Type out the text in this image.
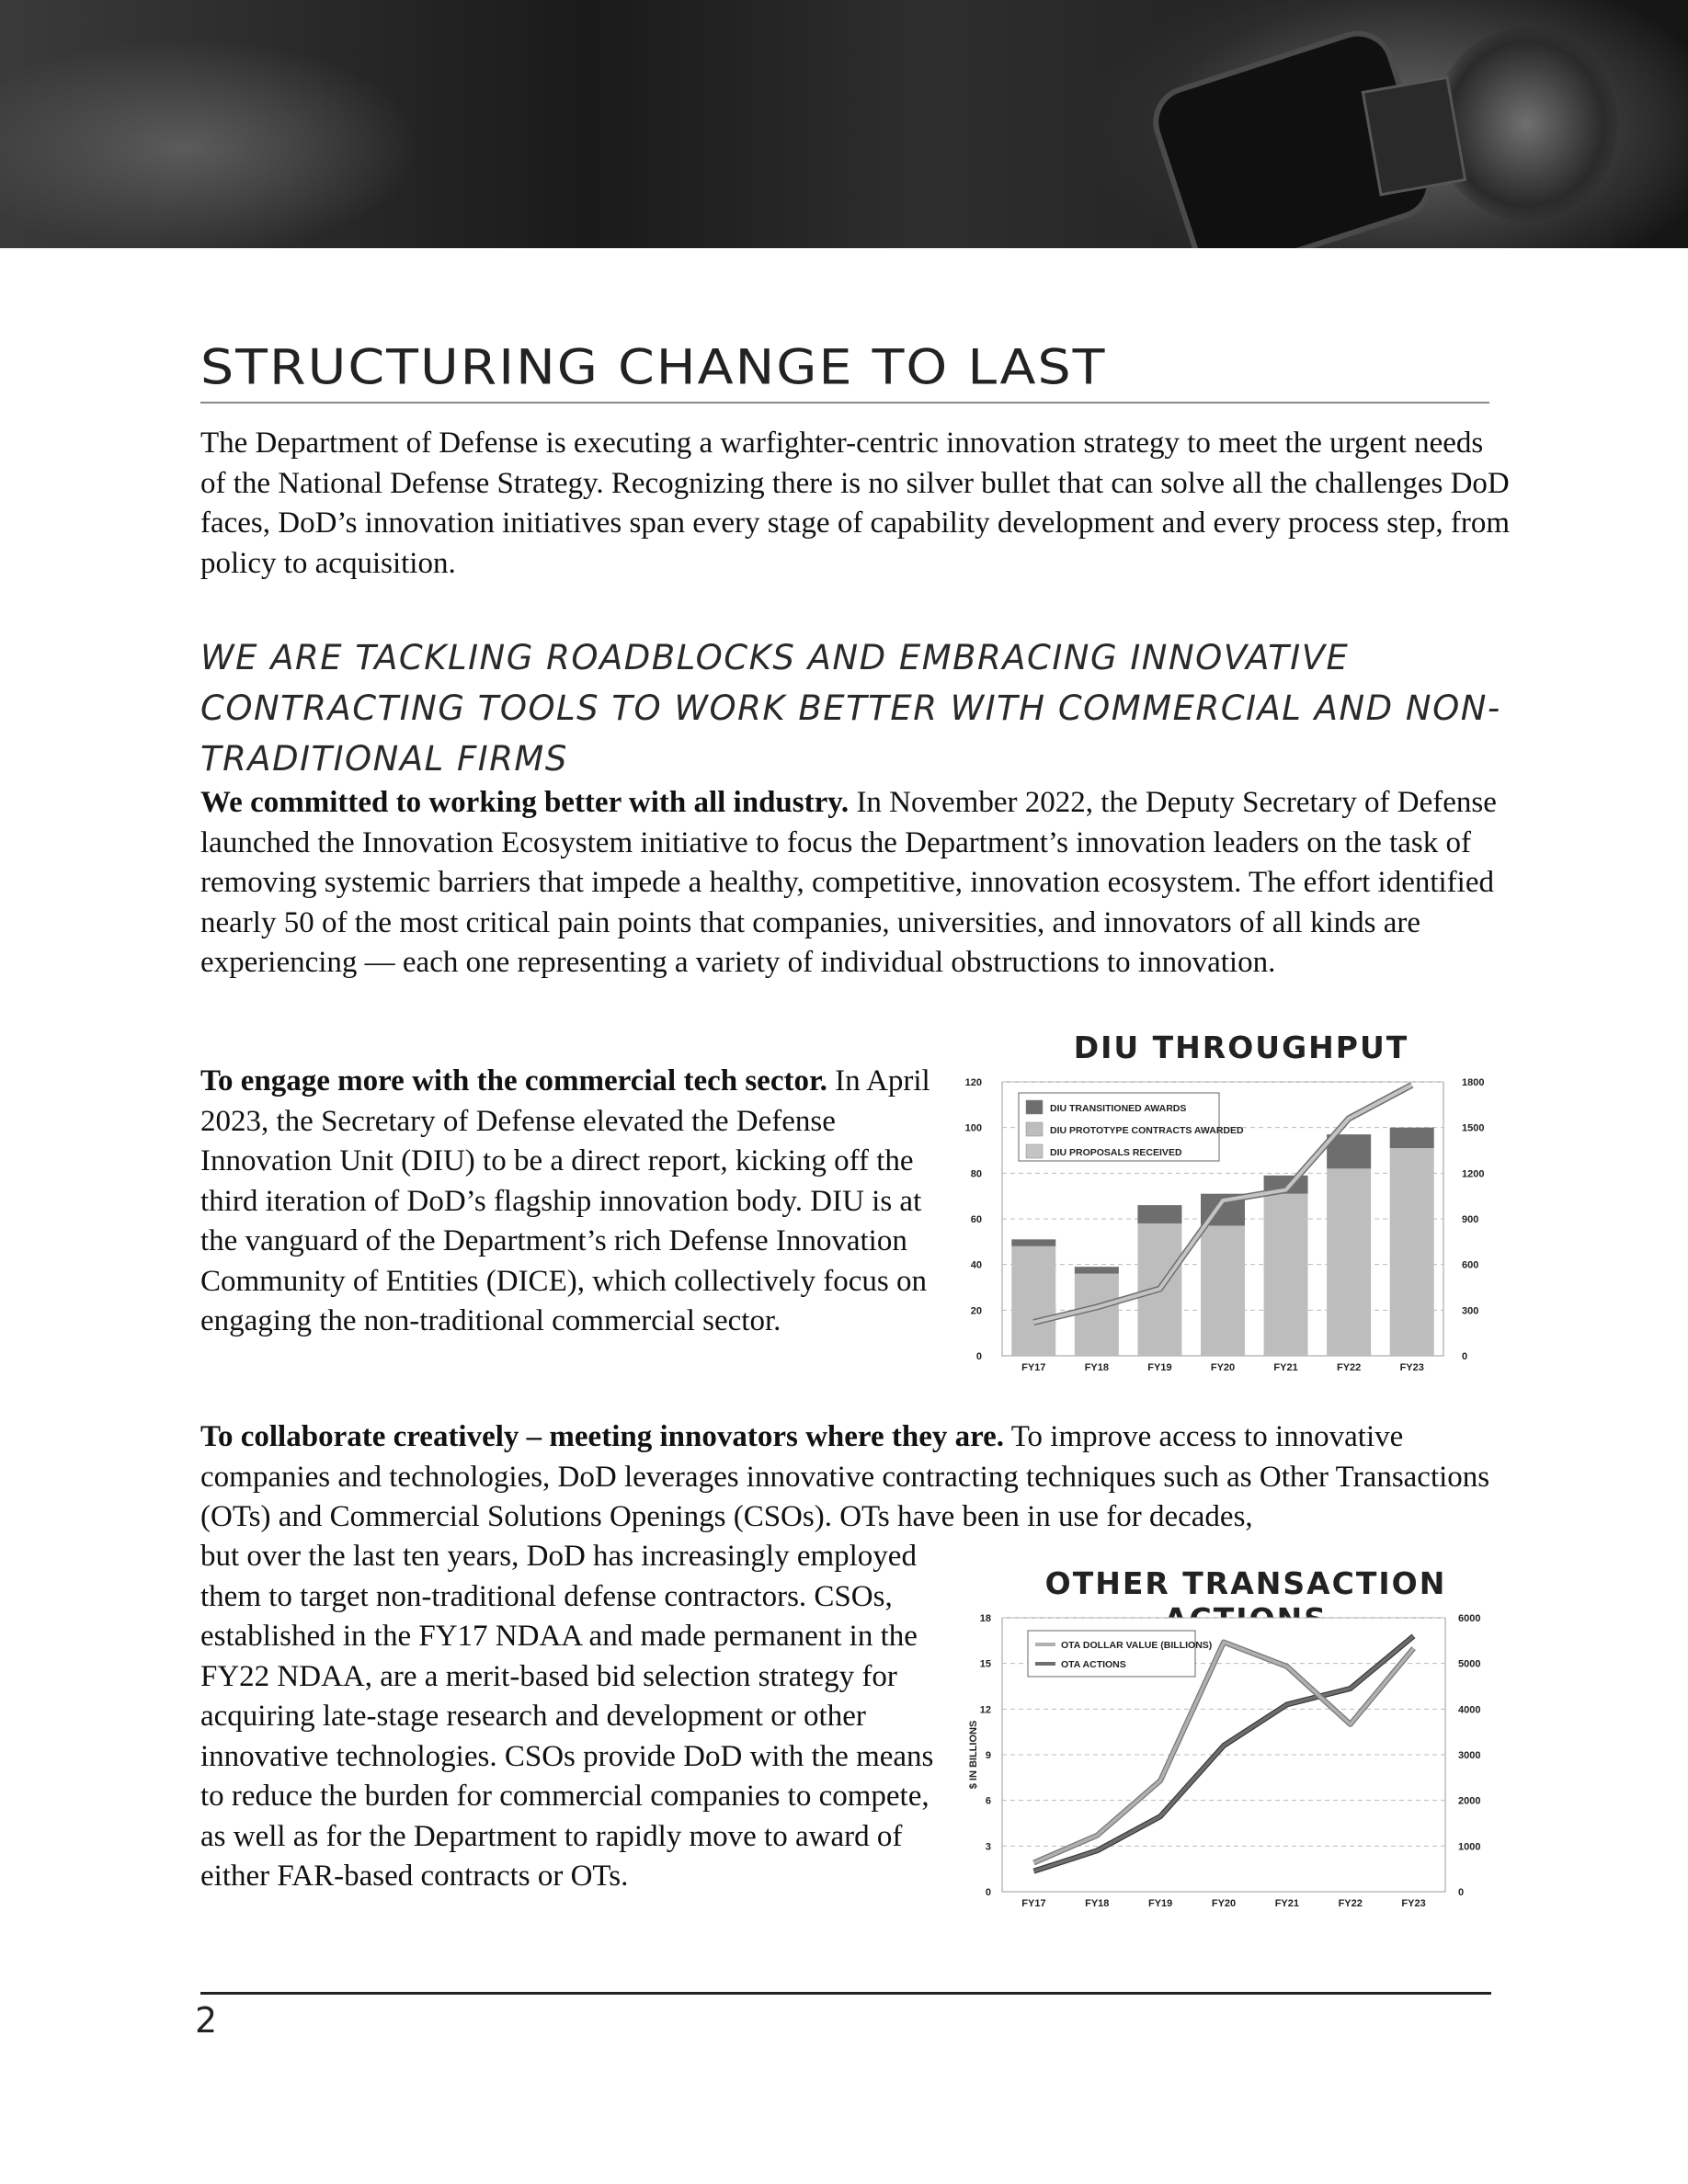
STRUCTURING CHANGE TO LAST

The Department of Defense is executing a warfighter-centric innovation strategy to meet the urgent needs of the National Defense Strategy. Recognizing there is no silver bullet that can solve all the challenges DoD faces, DoD’s innovation initiatives span every stage of capability development and every process step, from policy to acquisition.

WE ARE TACKLING ROADBLOCKS AND EMBRACING INNOVATIVE CONTRACTING TOOLS TO WORK BETTER WITH COMMERCIAL AND NON-TRADITIONAL FIRMS

We committed to working better with all industry. In November 2022, the Deputy Secretary of Defense launched the Innovation Ecosystem initiative to focus the Department’s innovation leaders on the task of removing systemic barriers that impede a healthy, competitive, innovation ecosystem. The effort identified nearly 50 of the most critical pain points that companies, universities, and innovators of all kinds are experiencing — each one representing a variety of individual obstructions to innovation.

To engage more with the commercial tech sector. In April 2023, the Secretary of Defense elevated the Defense Innovation Unit (DIU) to be a direct report, kicking off the third iteration of DoD’s flagship innovation body. DIU is at the vanguard of the Department’s rich Defense Innovation Community of Entities (DICE), which collectively focus on engaging the non-traditional commercial sector.

To collaborate creatively – meeting innovators where they are. To improve access to innovative companies and technologies, DoD leverages innovative contracting techniques such as Other Transactions (OTs) and Commercial Solutions Openings (CSOs). OTs have been in use for decades,

but over the last ten years, DoD has increasingly employed them to target non-traditional defense contractors. CSOs, established in the FY17 NDAA and made permanent in the FY22 NDAA, are a merit-based bid selection strategy for acquiring late-stage research and development or other innovative technologies. CSOs provide DoD with the means to reduce the burden for commercial companies to compete, as well as for the Department to rapidly move to award of either FAR-based contracts or OTs.

DIU THROUGHPUT
0
20
40
60
80
100
120
0
300
600
900
1200
1500
1800
FY17	FY18	FY19	FY20	FY21	FY22	FY23
DIU TRANSITIONED AWARDS
DIU PROTOTYPE CONTRACTS AWARDED
DIU PROPOSALS RECEIVED
OTHER TRANSACTION
0
3
6
9
12
15
18
0
1000
2000
3000
4000
5000
6000
FY17	FY18	FY19	FY20	FY21	FY22	FY23
$ IN BILLIONS
OTA DOLLAR VALUE (BILLIONS)
OTA ACTIONS

2
